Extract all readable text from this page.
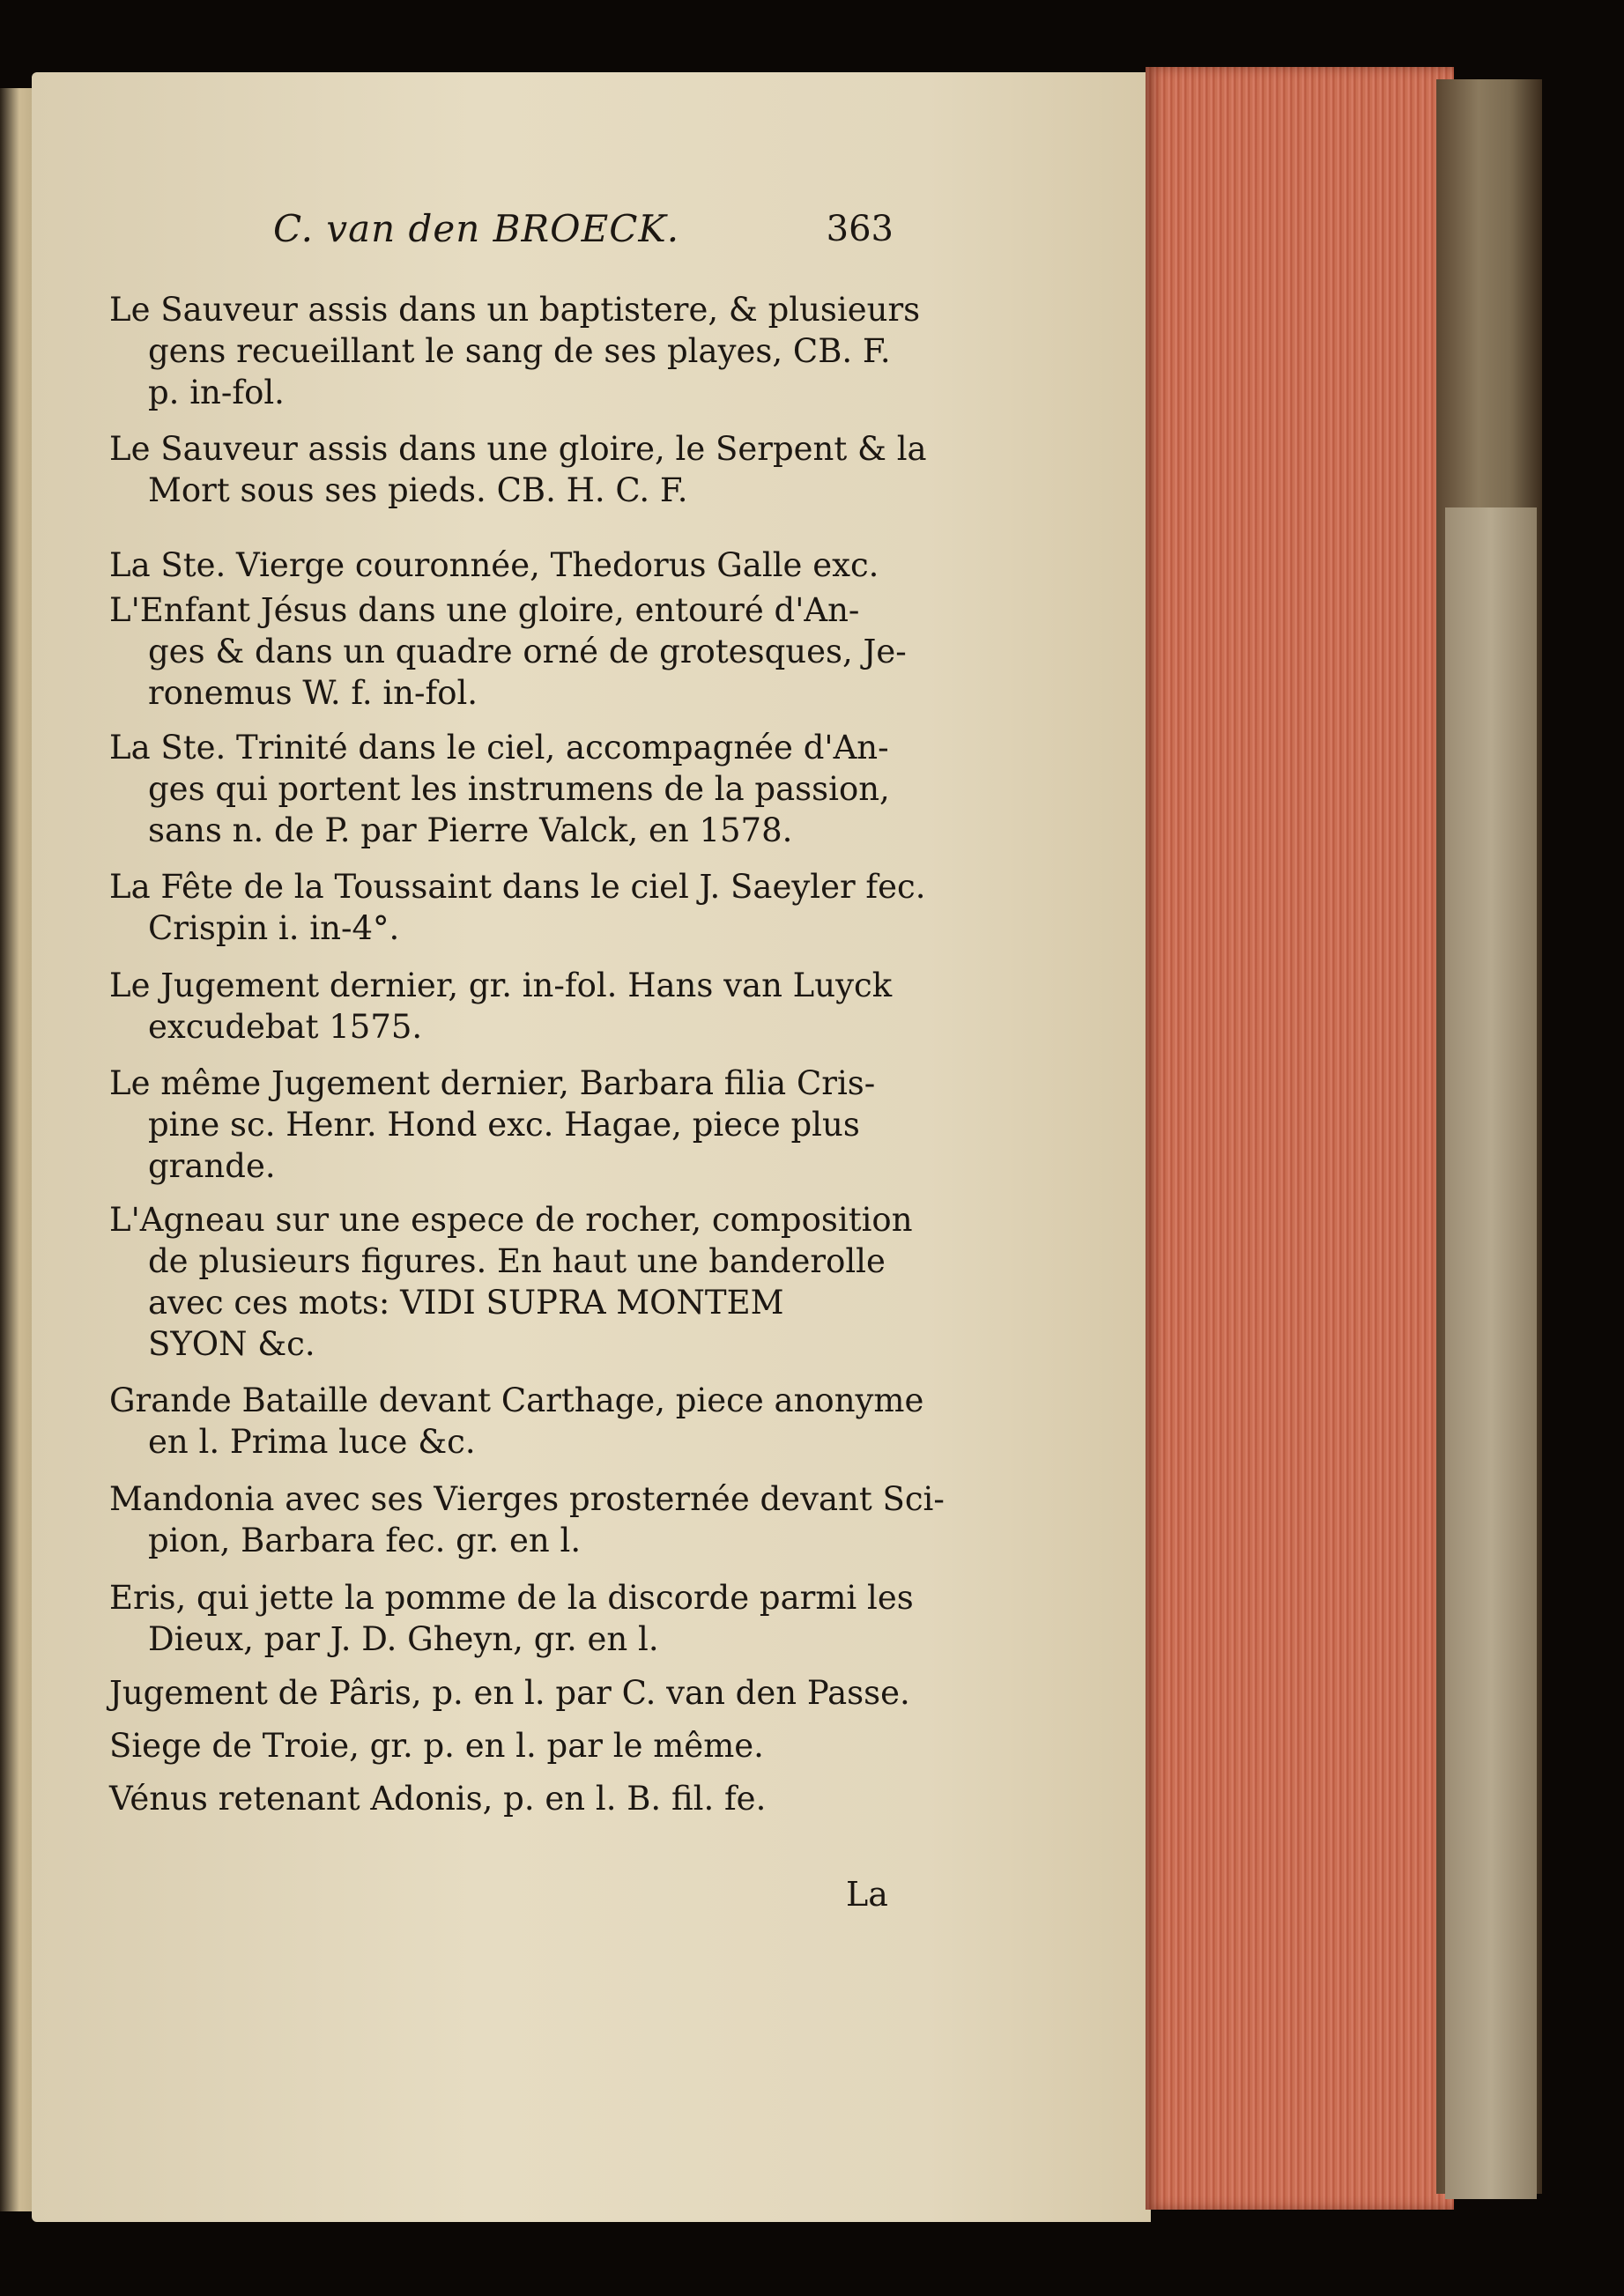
C. van den BROECK.	363
Le Sauveur assis dans un baptistere, & plusieurs
gens recueillant le sang de ses playes, CB. F.
p. in-fol.
Le Sauveur assis dans une gloire, le Serpent & la
Mort sous ses pieds. CB. H. C. F.
La Ste. Vierge couronnée, Thedorus Galle exc.
L'Enfant Jésus dans une gloire, entouré d'An-
ges & dans un quadre orné de grotesques, Je-
ronemus W. f. in-fol.
La Ste. Trinité dans le ciel, accompagnée d'An-
ges qui portent les instrumens de la passion,
sans n. de P. par Pierre Valck, en 1578.
La Fête de la Toussaint dans le ciel J. Saeyler fec.
Crispin i. in-4°.
Le Jugement dernier, gr. in-fol. Hans van Luyck
excudebat 1575.
Le même Jugement dernier, Barbara filia Cris-
pine sc. Henr. Hond exc. Hagae, piece plus
grande.
L'Agneau sur une espece de rocher, composition
de plusieurs figures. En haut une banderolle
avec ces mots: VIDI SUPRA MONTEM
SYON &c.
Grande Bataille devant Carthage, piece anonyme
en l. Prima luce &c.
Mandonia avec ses Vierges prosternée devant Sci-
pion, Barbara fec. gr. en l.
Eris, qui jette la pomme de la discorde parmi les
Dieux, par J. D. Gheyn, gr. en l.
Jugement de Pâris, p. en l. par C. van den Passe.
Siege de Troie, gr. p. en l. par le même.
Vénus retenant Adonis, p. en l. B. fil. fe.
La
